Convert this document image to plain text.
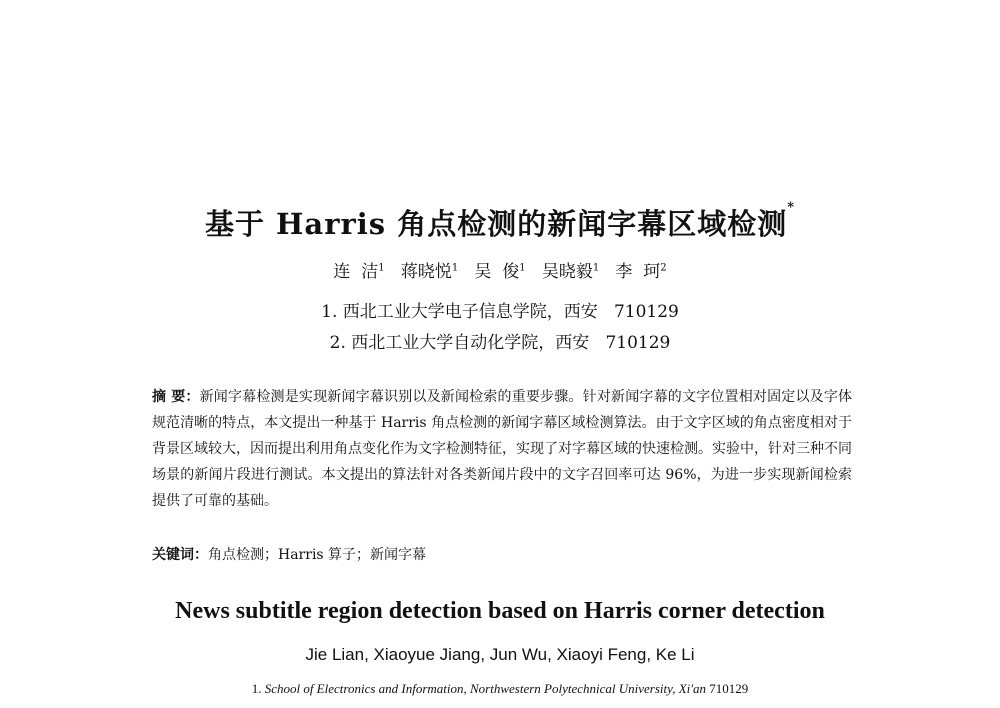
基于 Harris 角点检测的新闻字幕区域检测*
连  洁$^1$ 蒋晓悦$^1$ 吴  俊$^1$ 吴晓毅$^1$ 李  珂$^2$
1. 西北工业大学电子信息学院，西安   710129
2. 西北工业大学自动化学院，西安   710129
摘 要：新闻字幕检测是实现新闻字幕识别以及新闻检索的重要步骤。针对新闻字幕的文字位置相对固定以及字体规范清晰的特点，本文提出一种基于 Harris 角点检测的新闻字幕区域检测算法。由于文字区域的角点密度相对于背景区域较大，因而提出利用角点变化作为文字检测特征，实现了对字幕区域的快速检测。实验中，针对三种不同场景的新闻片段进行测试。本文提出的算法针对各类新闻片段中的文字召回率可达 96%，为进一步实现新闻检索提供了可靠的基础。
关键词：角点检测；Harris 算子；新闻字幕
News subtitle region detection based on Harris corner detection
Jie Lian, Xiaoyue Jiang, Jun Wu, Xiaoyi Feng, Ke Li
1. School of Electronics and Information, Northwestern Polytechnical University, Xi'an 710129
